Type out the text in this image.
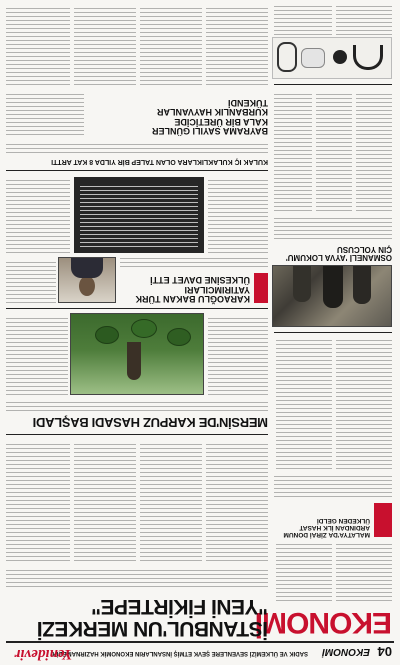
04
EKONOMİ
SADIK VE ÜLKEMİZİ SEVENLERE ŞEVK ETMİŞ İNSANLARIN EKONOMİK HAZIRNAMEDİR
Yenidevir
EKONOMİ
MALATYA'DA ZİRAİ DONUM
ARDINDAN İLK HASAT
ÜLKEDEN GELDİ
OSMANELİ 'AYVA LOKUMU'
ÇIN YOLCUSU
İSTANBUL'UN MERKEZİ
"YENİ FİKİRTEPE"
MERSİN'DE KARPUZ HASADI BAŞLADI
KARAOĞLU BAKAN TÜRK YATIRIMCILARI
ÜLKESİNE DAVET ETTİ
KULAK IÇ KULAKLIKLARA OLAN TALEP BİR YILDA 8 KAT ARTTI
BAYRAMA SAYILI GÜNLER
KALA BİR ÜRETİCİDE
KURBANLIK HAYVANLAR
TÜKENDİ
